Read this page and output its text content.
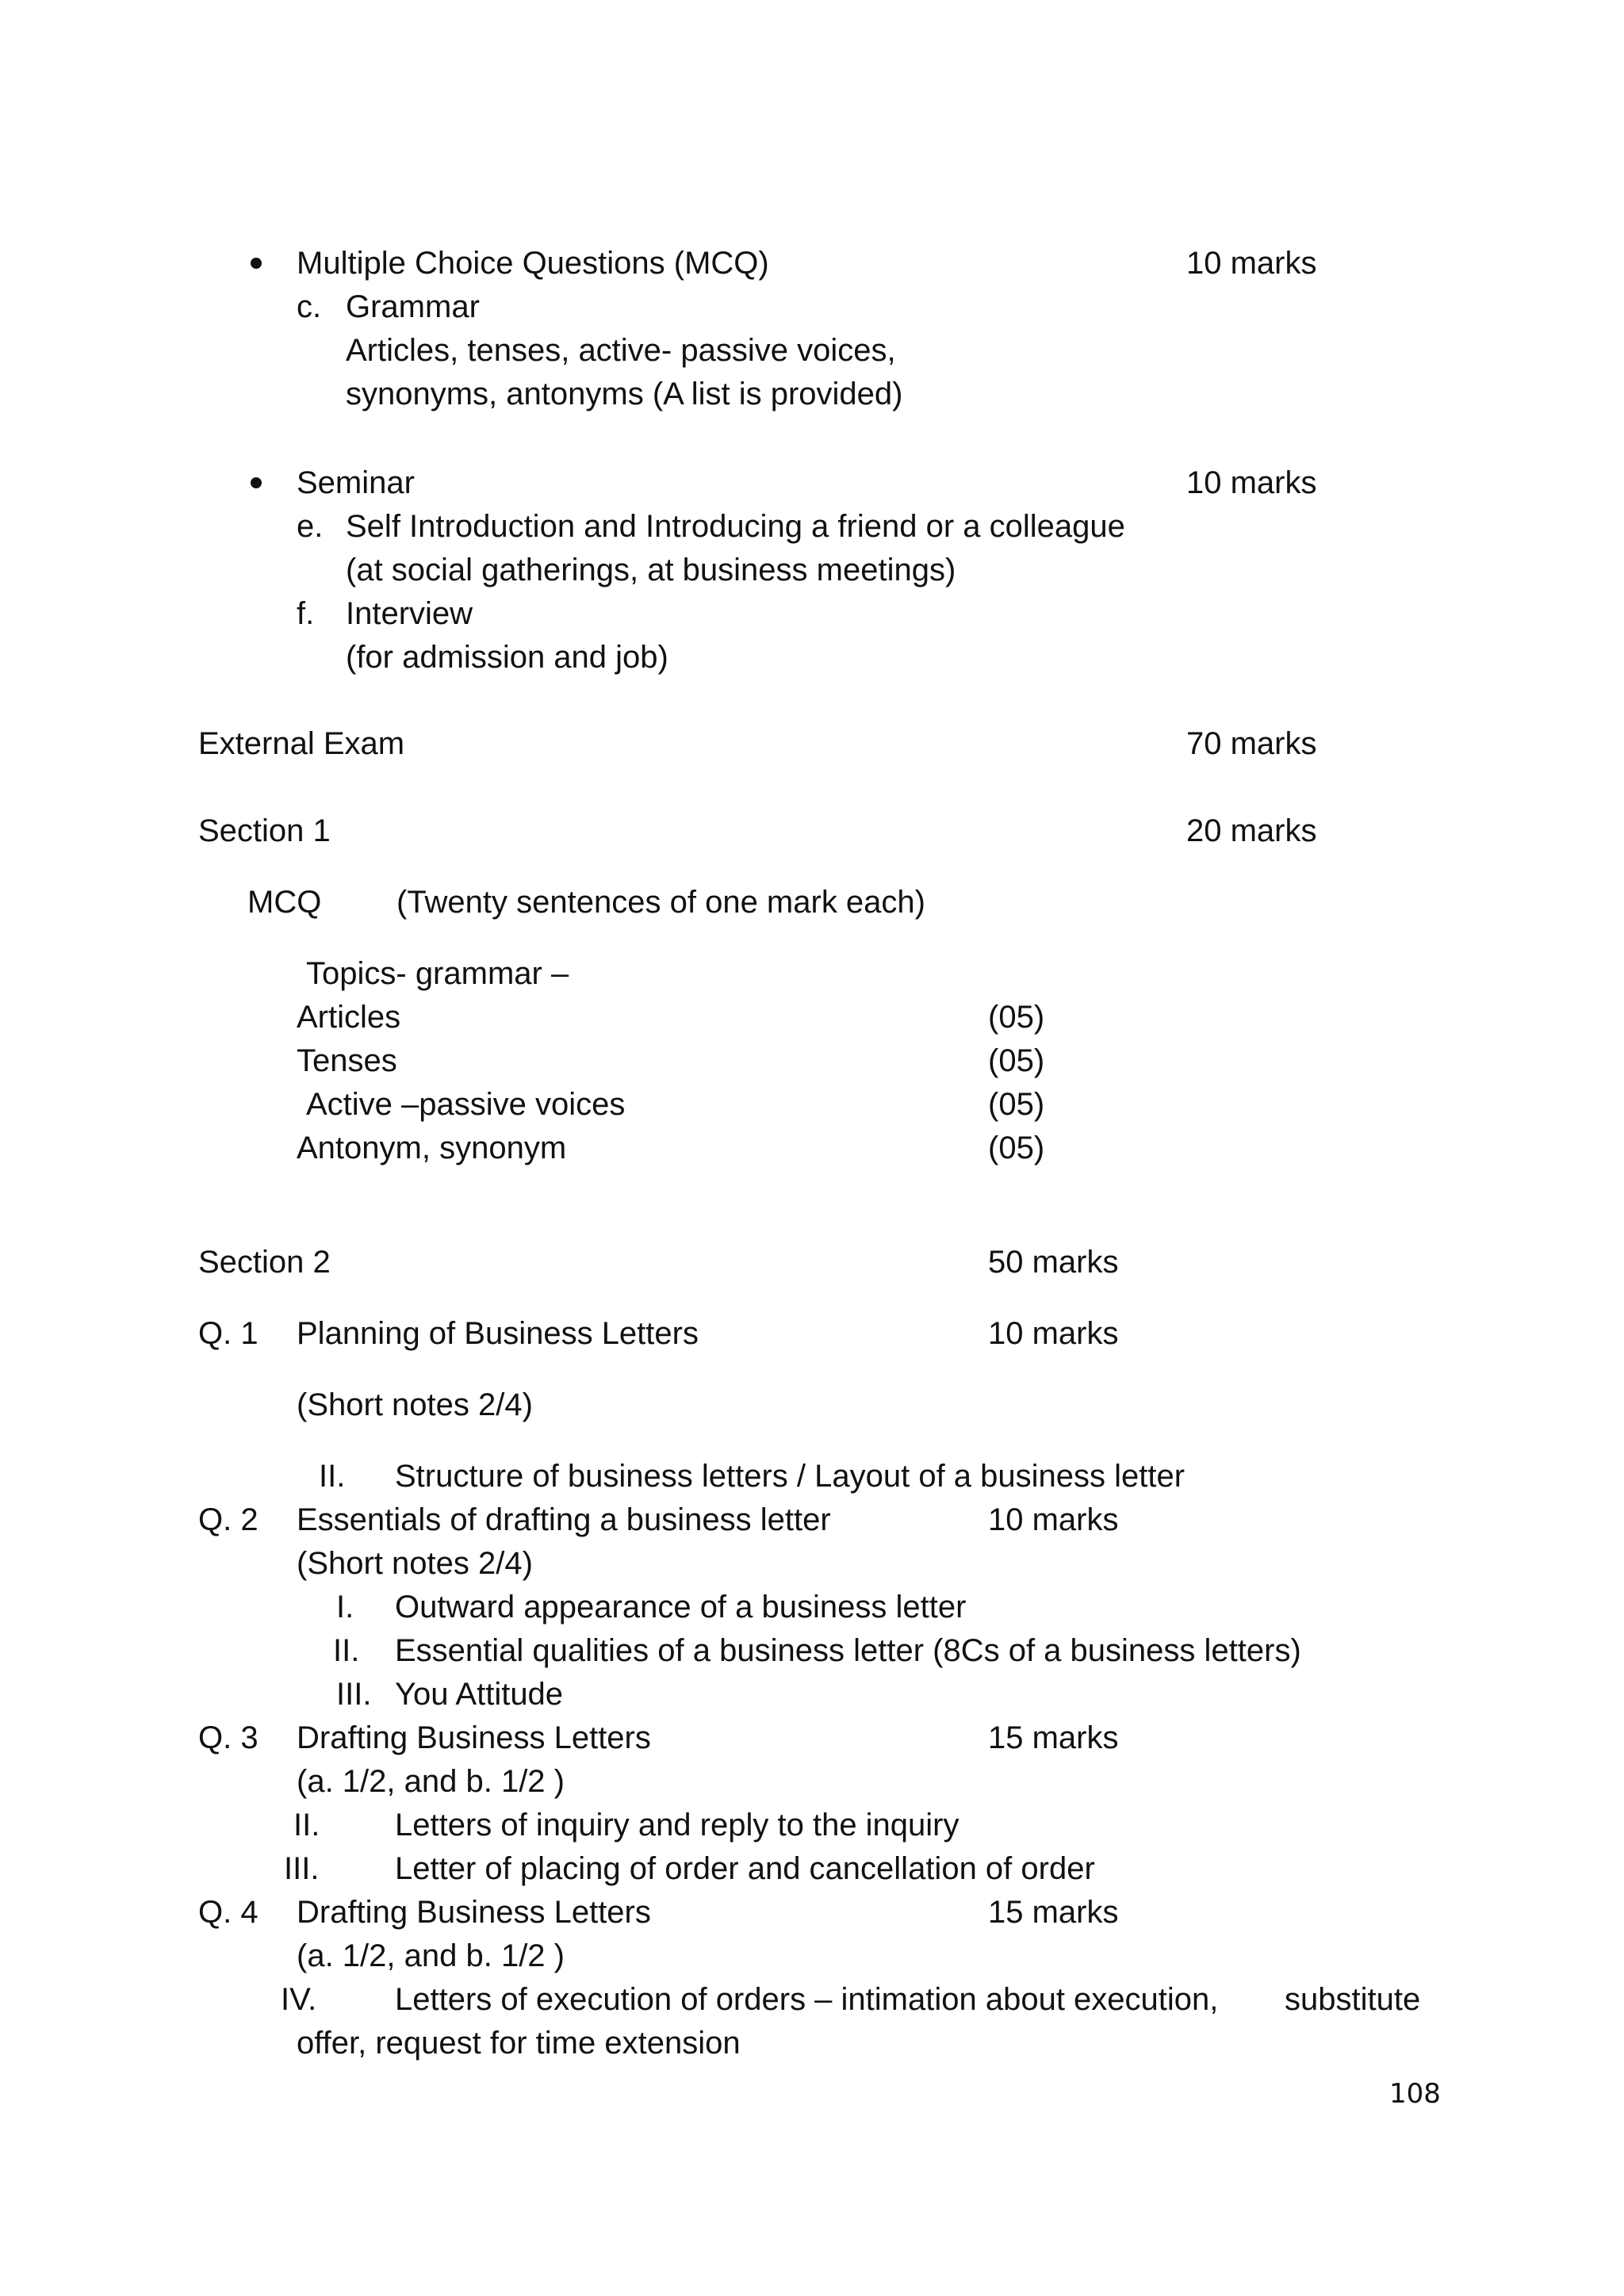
Multiple Choice Questions (MCQ)	10 marks
c. Grammar
Articles, tenses, active- passive voices,
synonyms, antonyms (A list is provided)
Seminar	10 marks
e. Self Introduction and Introducing a friend or a colleague
(at social gatherings, at business meetings)
f. Interview
(for admission and job)
External Exam	70 marks
Section 1	20 marks
MCQ (Twenty sentences of one mark each)
Topics- grammar –
Articles	(05)
Tenses	(05)
Active –passive voices	(05)
Antonym, synonym	(05)
Section 2	50 marks
Q. 1 Planning of Business Letters	10 marks
(Short notes 2/4)
II. Structure of business letters / Layout of a business letter
Q. 2 Essentials of drafting a business letter	10 marks
(Short notes 2/4)
I. Outward appearance of a business letter
II. Essential qualities of a business letter (8Cs of a business letters)
III. You Attitude
Q. 3 Drafting Business Letters	15 marks
(a. 1/2, and b. 1/2 )
II. Letters of inquiry and reply to the inquiry
III. Letter of placing of order and cancellation of order
Q. 4 Drafting Business Letters	15 marks
(a. 1/2, and b. 1/2 )
IV. Letters of execution of orders – intimation about execution, substitute
offer, request for time extension
108
